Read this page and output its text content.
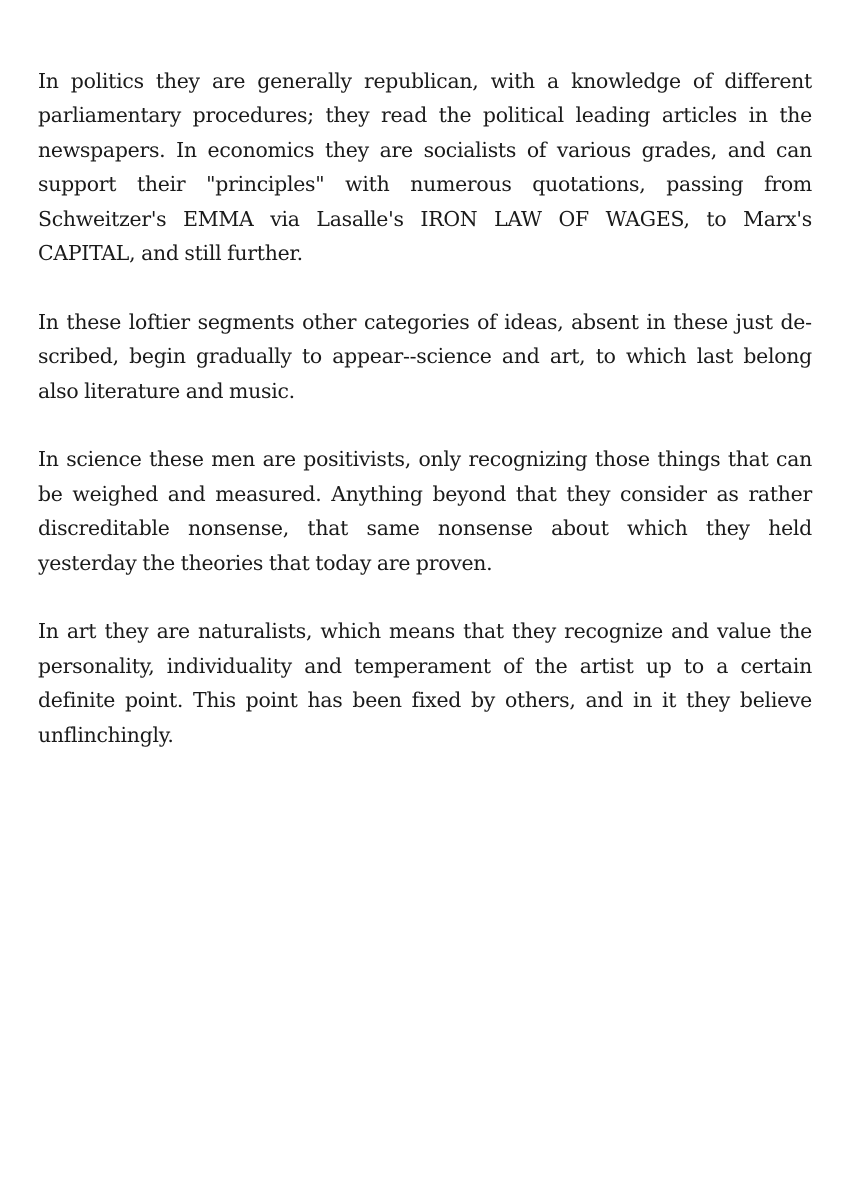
In politics they are generally republican, with a knowledge of different parliamentary procedures; they read the political leading articles in the newspapers. In economics they are socialists of various grades, and can support their "principles" with numerous quotations, passing from Schweitzer's EMMA via Lasalle's IRON LAW OF WAGES, to Marx's CAPITAL, and still further.

In these loftier segments other categories of ideas, absent in these just described, begin gradually to appear--science and art, to which last belong also literature and music.

In science these men are positivists, only recognizing those things that can be weighed and measured. Anything beyond that they consider as rather discreditable nonsense, that same nonsense about which they held yesterday the theories that today are proven.

In art they are naturalists, which means that they recognize and value the personality, individuality and temperament of the artist up to a certain definite point. This point has been fixed by others, and in it they believe unflinchingly.
